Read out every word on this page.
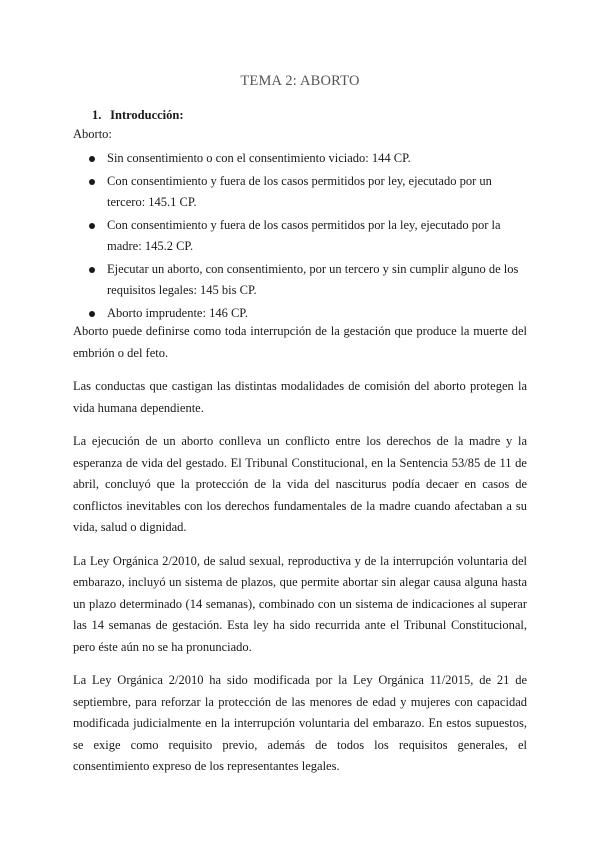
TEMA 2: ABORTO
1. Introducción:
Aborto:
Sin consentimiento o con el consentimiento viciado: 144 CP.
Con consentimiento y fuera de los casos permitidos por ley, ejecutado por un tercero: 145.1 CP.
Con consentimiento y fuera de los casos permitidos por la ley, ejecutado por la madre: 145.2 CP.
Ejecutar un aborto, con consentimiento, por un tercero y sin cumplir alguno de los requisitos legales: 145 bis CP.
Aborto imprudente: 146 CP.

Aborto puede definirse como toda interrupción de la gestación que produce la muerte del embrión o del feto.

Las conductas que castigan las distintas modalidades de comisión del aborto protegen la vida humana dependiente.

La ejecución de un aborto conlleva un conflicto entre los derechos de la madre y la esperanza de vida del gestado. El Tribunal Constitucional, en la Sentencia 53/85 de 11 de abril, concluyó que la protección de la vida del nasciturus podía decaer en casos de conflictos inevitables con los derechos fundamentales de la madre cuando afectaban a su vida, salud o dignidad.

La Ley Orgánica 2/2010, de salud sexual, reproductiva y de la interrupción voluntaria del embarazo, incluyó un sistema de plazos, que permite abortar sin alegar causa alguna hasta un plazo determinado (14 semanas), combinado con un sistema de indicaciones al superar las 14 semanas de gestación. Esta ley ha sido recurrida ante el Tribunal Constitucional, pero éste aún no se ha pronunciado.

La Ley Orgánica 2/2010 ha sido modificada por la Ley Orgánica 11/2015, de 21 de septiembre, para reforzar la protección de las menores de edad y mujeres con capacidad modificada judicialmente en la interrupción voluntaria del embarazo. En estos supuestos, se exige como requisito previo, además de todos los requisitos generales, el consentimiento expreso de los representantes legales.
